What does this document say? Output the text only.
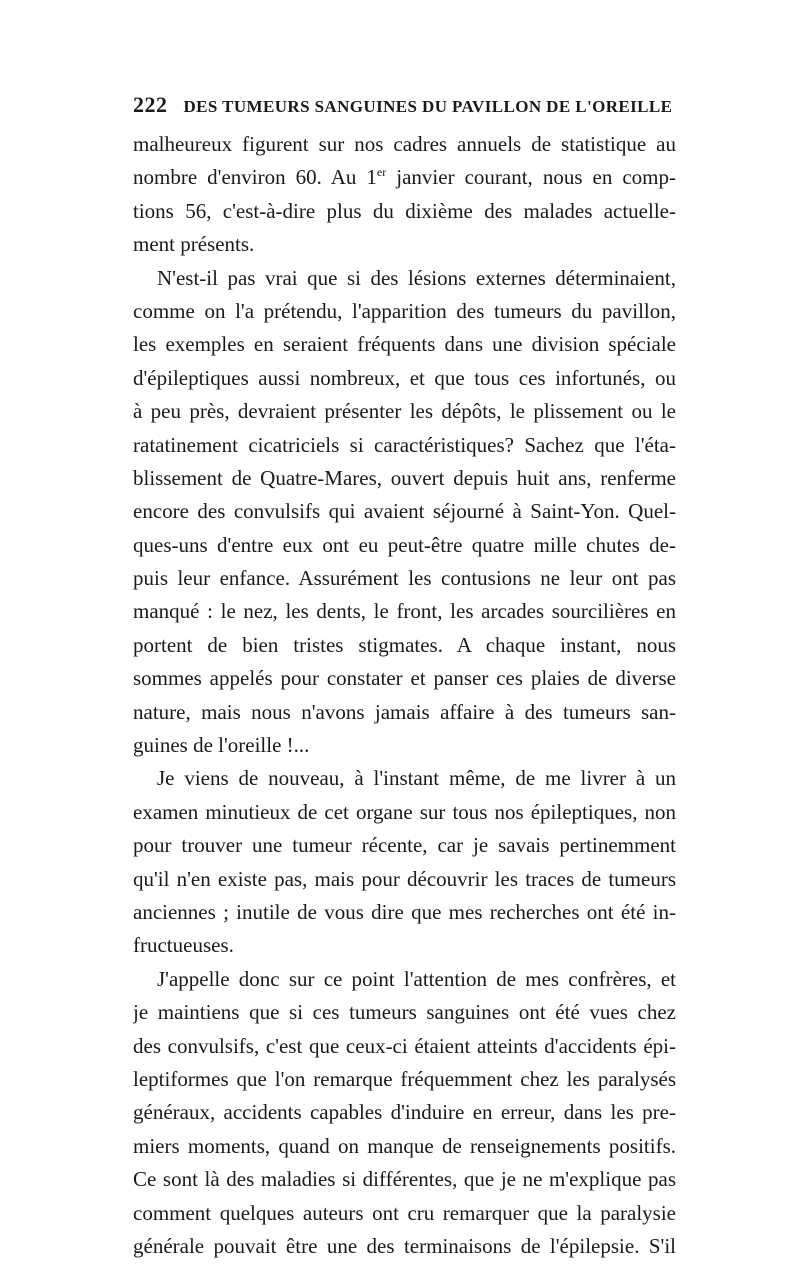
222 DES TUMEURS SANGUINES DU PAVILLON DE L'OREILLE
malheureux figurent sur nos cadres annuels de statistique au
nombre d'environ 60. Au 1er janvier courant, nous en comp-
tions 56, c'est-à-dire plus du dixième des malades actuelle-
ment présents.
N'est-il pas vrai que si des lésions externes déterminaient,
comme on l'a prétendu, l'apparition des tumeurs du pavillon,
les exemples en seraient fréquents dans une division spéciale
d'épileptiques aussi nombreux, et que tous ces infortunés, ou
à peu près, devraient présenter les dépôts, le plissement ou le
ratatinement cicatriciels si caractéristiques? Sachez que l'éta-
blissement de Quatre-Mares, ouvert depuis huit ans, renferme
encore des convulsifs qui avaient séjourné à Saint-Yon. Quel-
ques-uns d'entre eux ont eu peut-être quatre mille chutes de-
puis leur enfance. Assurément les contusions ne leur ont pas
manqué : le nez, les dents, le front, les arcades sourcilières en
portent de bien tristes stigmates. A chaque instant, nous
sommes appelés pour constater et panser ces plaies de diverse
nature, mais nous n'avons jamais affaire à des tumeurs san-
guines de l'oreille !...
Je viens de nouveau, à l'instant même, de me livrer à un
examen minutieux de cet organe sur tous nos épileptiques, non
pour trouver une tumeur récente, car je savais pertinemment
qu'il n'en existe pas, mais pour découvrir les traces de tumeurs
anciennes ; inutile de vous dire que mes recherches ont été in-
fructueuses.
J'appelle donc sur ce point l'attention de mes confrères, et
je maintiens que si ces tumeurs sanguines ont été vues chez
des convulsifs, c'est que ceux-ci étaient atteints d'accidents épi-
leptiformes que l'on remarque fréquemment chez les paralysés
généraux, accidents capables d'induire en erreur, dans les pre-
miers moments, quand on manque de renseignements positifs.
Ce sont là des maladies si différentes, que je ne m'explique pas
comment quelques auteurs ont cru remarquer que la paralysie
générale pouvait être une des terminaisons de l'épilepsie. S'il
